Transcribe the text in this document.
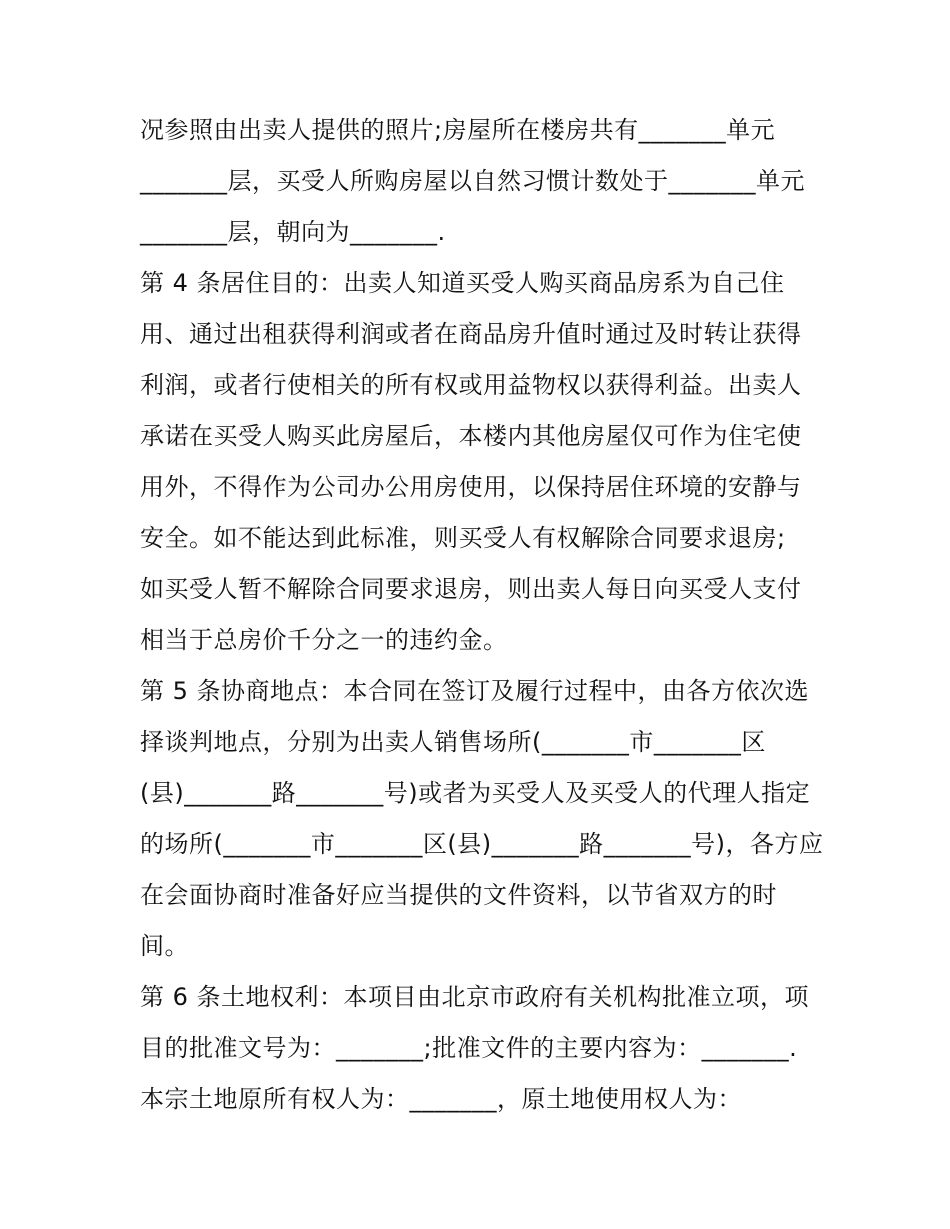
况参照由出卖人提供的照片;房屋所在楼房共有_______单元
_______层，买受人所购房屋以自然习惯计数处于_______单元
_______层，朝向为_______.
第 4 条居住目的：出卖人知道买受人购买商品房系为自己住
用、通过出租获得利润或者在商品房升值时通过及时转让获得
利润，或者行使相关的所有权或用益物权以获得利益。出卖人
承诺在买受人购买此房屋后，本楼内其他房屋仅可作为住宅使
用外，不得作为公司办公用房使用，以保持居住环境的安静与
安全。如不能达到此标准，则买受人有权解除合同要求退房;
如买受人暂不解除合同要求退房，则出卖人每日向买受人支付
相当于总房价千分之一的违约金。
第 5 条协商地点：本合同在签订及履行过程中，由各方依次选
择谈判地点，分别为出卖人销售场所(_______市_______区
(县)_______路_______号)或者为买受人及买受人的代理人指定
的场所(_______市_______区(县)_______路_______号)，各方应
在会面协商时准备好应当提供的文件资料，以节省双方的时
间。
第 6 条土地权利：本项目由北京市政府有关机构批准立项，项
目的批准文号为：_______;批准文件的主要内容为：_______.
本宗土地原所有权人为：_______，原土地使用权人为：
